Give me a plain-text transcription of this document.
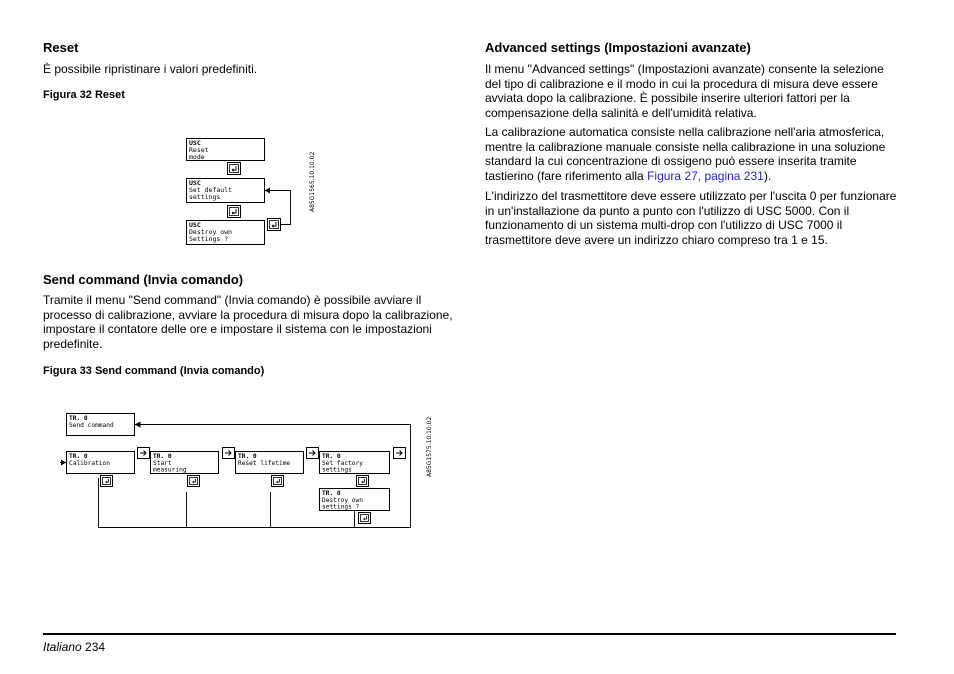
Reset

È possibile ripristinare i valori predefiniti.

Figura 32 Reset
Send command (Invia comando)

Tramite il menu "Send command" (Invia comando) è possibile avviare il processo di calibrazione, avviare la procedura di misura dopo la calibrazione, impostare il contatore delle ore e impostare il sistema con le impostazioni predefinite.

Figura 33 Send command (Invia comando)
USC
Reset
mode
USC
Set default
settings
USC
Destroy own
Settings ?
A85G1565.10.10.02
TR. 0
Send command
TR. 0
Calibration
TR. 0
Start
measuring
TR. 0
Reset lifetime
TR. 0
Set factory
settings
TR. 0
Destroy own
settings ?
A85G1575.10.10.02
Advanced settings (Impostazioni avanzate)

Il menu "Advanced settings" (Impostazioni avanzate) consente la selezione del tipo di calibrazione e il modo in cui la procedura di misura deve essere avviata dopo la calibrazione. È possibile inserire ulteriori fattori per la compensazione della salinità e dell'umidità relativa.

La calibrazione automatica consiste nella calibrazione nell'aria atmosferica, mentre la calibrazione manuale consiste nella calibrazione in una soluzione standard la cui concentrazione di ossigeno può essere inserita tramite tastierino (fare riferimento alla Figura 27, pagina 231).

L'indirizzo del trasmettitore deve essere utilizzato per l'uscita 0 per funzionare in un'installazione da punto a punto con l'utilizzo di USC 5000. Con il funzionamento di un sistema multi-drop con l'utilizzo di USC 7000 il trasmettitore deve avere un indirizzo chiaro compreso tra 1 e 15.

Italiano 234
